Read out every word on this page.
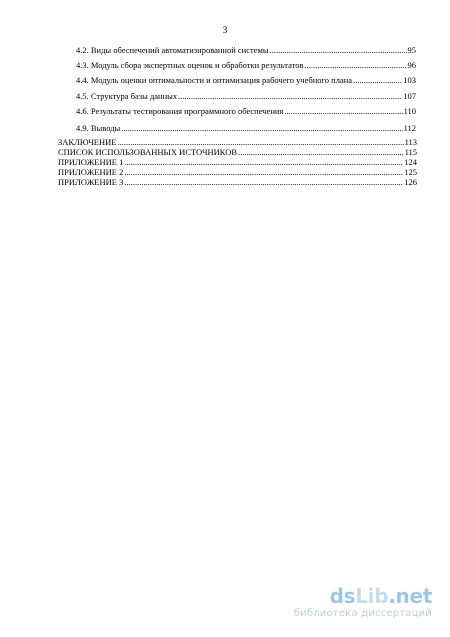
3
4.2. Виды обеспечений автоматизированной системы .....	95
4.3. Модуль сбора экспертных оценок и обработки результатов .....	96
4.4. Модуль оценки оптимальности и оптимизация рабочего учебного плана .....	103
4.5. Структура базы данных .....	107
4.6. Результаты тестирования программного обеспечения .....	110
4.9. Выводы .....	112
ЗАКЛЮЧЕНИЕ .....	113
СПИСОК ИСПОЛЬЗОВАННЫХ ИСТОЧНИКОВ .....	115
ПРИЛОЖЕНИЕ 1 .....	124
ПРИЛОЖЕНИЕ 2 .....	125
ПРИЛОЖЕНИЕ 3 .....	126
dsLib.net
библиотека диссертаций
